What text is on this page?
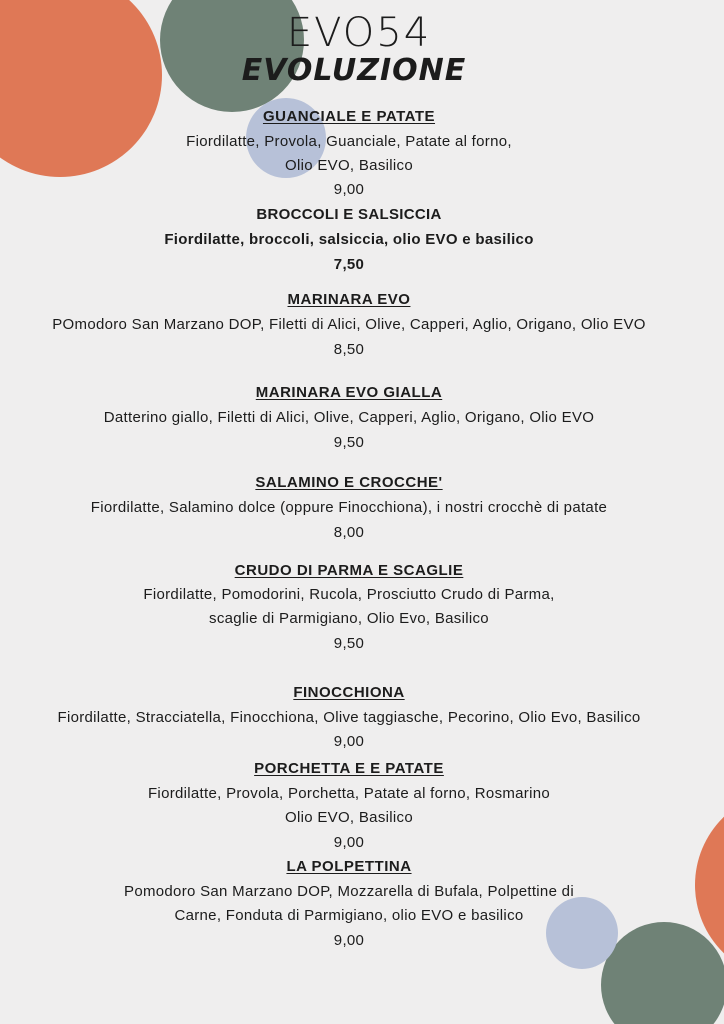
EVO54
EVOLUZIONE
GUANCIALE E PATATE
Fiordilatte, Provola, Guanciale, Patate al forno,
Olio EVO, Basilico
9,00
BROCCOLI E SALSICCIA
Fiordilatte, broccoli, salsiccia, olio EVO e basilico
7,50
MARINARA EVO
POmodoro San Marzano DOP, Filetti di Alici, Olive, Capperi, Aglio, Origano, Olio EVO
8,50
MARINARA EVO GIALLA
Datterino giallo, Filetti di Alici, Olive, Capperi, Aglio, Origano, Olio EVO
9,50
SALAMINO E CROCCHE'
Fiordilatte, Salamino dolce (oppure Finocchiona), i nostri crocchè di patate
8,00
CRUDO DI PARMA E SCAGLIE
Fiordilatte, Pomodorini, Rucola, Prosciutto Crudo di Parma,
scaglie di Parmigiano, Olio Evo, Basilico
9,50
FINOCCHIONA
Fiordilatte, Stracciatella, Finocchiona, Olive taggiasche, Pecorino, Olio Evo, Basilico
9,00
PORCHETTA E E PATATE
Fiordilatte, Provola, Porchetta, Patate al forno, Rosmarino
Olio EVO, Basilico
9,00
LA POLPETTINA
Pomodoro San Marzano DOP, Mozzarella di Bufala, Polpettine di
Carne, Fonduta di Parmigiano, olio EVO e basilico
9,00
